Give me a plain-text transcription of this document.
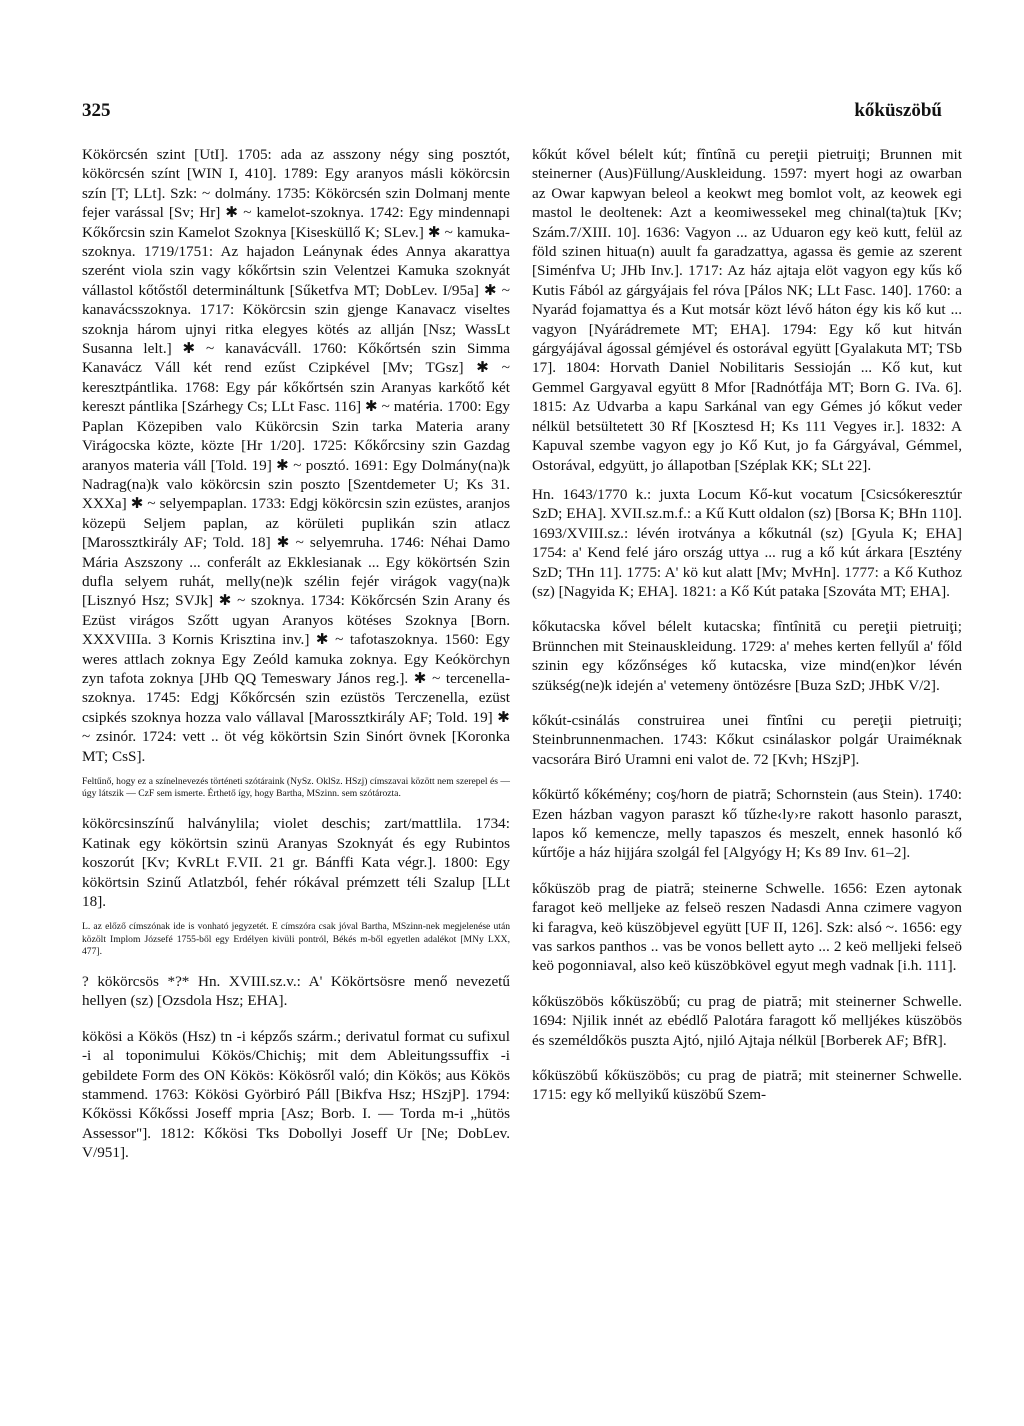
325	kőküszöbű

Kökörcsén szint [UtI]. 1705: ada az asszony négy sing posztót, kökörcsén színt [WIN I, 410]. 1789: Egy aranyos másli kökörcsin szín [T; LLt]. Szk: ~ dolmány. 1735: Kökörcsén szin Dolmanj mente fejer varással [Sv; Hr] ✱ ~ kamelot-szoknya. 1742: Egy mindennapi Kőkőrcsin szin Kamelot Szoknya [Kisesküllő K; SLev.] ✱ ~ kamuka-szoknya. 1719/1751: Az hajadon Leánynak édes Annya akarattya szerént viola szin vagy kőkőrtsin szin Velentzei Kamuka szoknyát vállastol kőtőstől determináltunk [Sűketfva MT; DobLev. I/95a] ✱ ~ kanavácsszoknya. 1717: Kökörcsin szin gjenge Kanavacz viseltes szoknja három ujnyi ritka elegyes kötés az allján [Nsz; WassLt Susanna lelt.] ✱ ~ kanavácváll. 1760: Kőkőrtsén szin Simma Kanavácz Váll két rend ezűst Czipkével [Mv; TGsz] ✱ ~ keresztpántlika. 1768: Egy pár kőkőrtsén szin Aranyas karkőtő két kereszt pántlika [Szárhegy Cs; LLt Fasc. 116] ✱ ~ matéria. 1700: Egy Paplan Közepiben valo Kükörcsin Szin tarka Materia arany Virágocska közte, közte [Hr 1/20]. 1725: Kőkőrcsiny szin Gazdag aranyos materia váll [Told. 19] ✱ ~ posztó. 1691: Egy Dolmány(na)k Nadrag(na)k valo kökörcsin szin poszto [Szentdemeter U; Ks 31. XXXa] ✱ ~ selyempaplan. 1733: Edgj kökörcsin szin ezüstes, aranjos közepü Seljem paplan, az körületi puplikán szin atlacz [Marossztkirály AF; Told. 18] ✱ ~ selyemruha. 1746: Néhai Damo Mária Aszszony ... conferált az Ekklesianak ... Egy kökörtsén Szin dufla selyem ruhát, melly(ne)k szélin fejér virágok vagy(na)k [Lisznyó Hsz; SVJk] ✱ ~ szoknya. 1734: Kökőrcsén Szin Arany és Ezüst virágos Szőtt ugyan Aranyos kötéses Szoknya [Born. XXXVIIIa. 3 Kornis Krisztina inv.] ✱ ~ tafotaszoknya. 1560: Egy weres attlach zoknya Egy Zeóld kamuka zoknya. Egy Keókörchyn zyn tafota zoknya [JHb QQ Temeswary János reg.]. ✱ ~ tercenella-szoknya. 1745: Edgj Kőkőrcsén szin ezüstös Terczenella, ezüst csipkés szoknya hozza valo vállaval [Marossztkirály AF; Told. 19] ✱ ~ zsinór. 1724: vett .. öt vég kökörtsin Szin Sinórt övnek [Koronka MT; CsS].

Feltűnő, hogy ez a színelnevezés történeti szótáraink (NySz. OklSz. HSzj) címszavai között nem szerepel és — úgy látszik — CzF sem ismerte. Érthető így, hogy Bartha, MSzinn. sem szótározta.

kökörcsinszínű halványlila; violet deschis; zart/mattlila. 1734: Katinak egy kökörtsin szinü Aranyas Szoknyát és egy Rubintos koszorút [Kv; KvRLt F.VII. 21 gr. Bánffi Kata végr.]. 1800: Egy kökörtsin Szinű Atlatzból, fehér rókával prémzett téli Szalup [LLt 18].

L. az előző címszónak ide is vonható jegyzetét. E címszóra csak jóval Bartha, MSzinn-nek megjelenése után közölt Implom Józsefé 1755-ből egy Erdélyen kivüli pontról, Békés m-ből egyetlen adalékot [MNy LXX, 477].

? kökörcsös *?* Hn. XVIII.sz.v.: A' Kökörtsösre menő nevezetű hellyen (sz) [Ozsdola Hsz; EHA].

kökösi a Kökös (Hsz) tn -i képzős szárm.; derivatul format cu sufixul -i al toponimului Kökös/Chichiş; mit dem Ableitungssuffix -i gebildete Form des ON Kökös: Kökösről való; din Kökös; aus Kökös stammend. 1763: Kökösi Györbiró Páll [Bikfva Hsz; HSzjP]. 1794: Kőkössi Kőkőssi Joseff mpria [Asz; Borb. I. — Torda m-i „hütös Assessor"]. 1812: Kőkösi Tks Dobollyi Joseff Ur [Ne; DobLev. V/951].

kőkút kővel bélelt kút; fîntînă cu pereţii pietruiţi; Brunnen mit steinerner (Aus)Füllung/Auskleidung. 1597: myert hogi az owarban az Owar kapwyan beleol a keokwt meg bomlot volt, az keowek egi mastol le deoltenek: Azt a keomiwessekel meg chinal(ta)tuk [Kv; Szám.7/XIII. 10]. 1636: Vagyon ... az Uduaron egy keö kutt, felül az föld szinen hitua(n) auult fa garadzattya, agassa ës gemie az szerent [Siménfva U; JHb Inv.]. 1717: Az ház ajtaja elöt vagyon egy kűs kő Kutis Fából az gárgyájais fel róva [Pálos NK; LLt Fasc. 140]. 1760: a Nyarád fojamattya és a Kut motsár közt lévő háton égy kis kő kut ... vagyon [Nyárádremete MT; EHA]. 1794: Egy kő kut hitván gárgyájával ágossal gémjével és ostorával együtt [Gyalakuta MT; TSb 17]. 1804: Horvath Daniel Nobilitaris Sessioján ... Kő kut, kut Gemmel Gargyaval együtt 8 Mfor [Radnótfája MT; Born G. IVa. 6]. 1815: Az Udvarba a kapu Sarkánal van egy Gémes jó kőkut veder nélkül betsültetett 30 Rf [Kosztesd H; Ks 111 Vegyes ir.]. 1832: A Kapuval szembe vagyon egy jo Kő Kut, jo fa Gárgyával, Gémmel, Ostorával, edgyütt, jo állapotban [Széplak KK; SLt 22].

Hn. 1643/1770 k.: juxta Locum Kő-kut vocatum [Csicsókeresztúr SzD; EHA]. XVII.sz.m.f.: a Kű Kutt oldalon (sz) [Borsa K; BHn 110]. 1693/XVIII.sz.: lévén irotványa a kőkutnál (sz) [Gyula K; EHA] 1754: a' Kend felé járo ország uttya ... rug a kő kút árkara [Esztény SzD; THn 11]. 1775: A' kö kut alatt [Mv; MvHn]. 1777: a Kő Kuthoz (sz) [Nagyida K; EHA]. 1821: a Kő Kút pataka [Szováta MT; EHA].

kőkutacska kővel bélelt kutacska; fîntînită cu pereţii pietruiţi; Brünnchen mit Steinauskleidung. 1729: a' mehes kerten fellyűl a' főld szinin egy kőzőnséges kő kutacska, vize mind(en)kor lévén szükség(ne)k idején a' vetemeny öntözésre [Buza SzD; JHbK V/2].

kőkút-csinálás construirea unei fîntîni cu pereţii pietruiţi; Steinbrunnenmachen. 1743: Kőkut csinálaskor polgár Uraiméknak vacsorára Biró Uramni eni valot de. 72 [Kvh; HSzjP].

kőkürtő kőkémény; coş/horn de piatră; Schornstein (aus Stein). 1740: Ezen házban vagyon paraszt kő tűzhe‹ly›re rakott hasonlo paraszt, lapos kő kemencze, melly tapaszos és meszelt, ennek hasonló kő kűrtője a ház hijjára szolgál fel [Algyógy H; Ks 89 Inv. 61–2].

kőküszöb prag de piatră; steinerne Schwelle. 1656: Ezen aytonak faragot keö melljeke az felseö reszen Nadasdi Anna czimere vagyon ki faragva, keö küszöbjevel együtt [UF II, 126]. Szk: alsó ~. 1656: egy vas sarkos panthos .. vas be vonos bellett ayto ... 2 keö melljeki felseö keö pogonniaval, also keö küszöbkövel egyut megh vadnak [i.h. 111].

kőküszöbös kőküszöbű; cu prag de piatră; mit steinerner Schwelle. 1694: Njilik innét az ebédlő Palotára faragott kő melljékes küszöbös és személdőkös puszta Ajtó, njiló Ajtaja nélkül [Borberek AF; BfR].

kőküszöbű kőküszöbös; cu prag de piatră; mit steinerner Schwelle. 1715: egy kő mellyikű küszöbű Szem-
